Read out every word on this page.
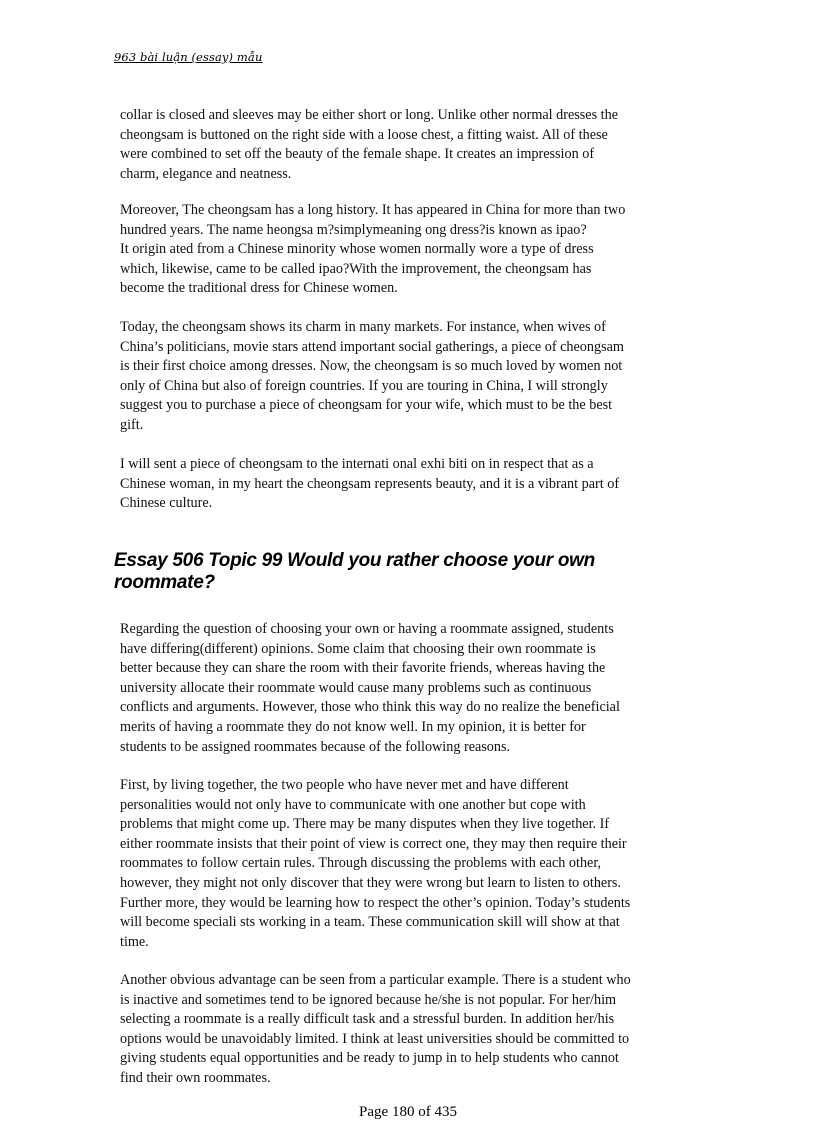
963 bài luận (essay) mẫu

collar is closed and sleeves may be either short or long. Unlike other normal dresses the
cheongsam is buttoned on the right side with a loose chest, a fitting waist. All of these
were combined to set off the beauty of the female shape. It creates an impression of
charm, elegance and neatness.

Moreover, The cheongsam has a long history. It has appeared in China for more than two
hundred years. The name heongsa m?simplymeaning ong dress?is known as ipao?
It origin ated from a Chinese minority whose women normally wore a type of dress
which, likewise, came to be called ipao?With the improvement, the cheongsam has
become the traditional dress for Chinese women.

Today, the cheongsam shows its charm in many markets. For instance, when wives of
China’s politicians, movie stars attend important social gatherings, a piece of cheongsam
is their first choice among dresses. Now, the cheongsam is so much loved by women not
only of China but also of foreign countries. If you are touring in China, I will strongly
suggest you to purchase a piece of cheongsam for your wife, which must to be the best
gift.

I will sent a piece of cheongsam to the internati onal exhi biti on in respect that as a
Chinese woman, in my heart the cheongsam represents beauty, and it is a vibrant part of
Chinese culture.

Essay 506 Topic 99 Would you rather choose your own
roommate?

Regarding the question of choosing your own or having a roommate assigned, students
have differing(different) opinions. Some claim that choosing their own roommate is
better because they can share the room with their favorite friends, whereas having the
university allocate their roommate would cause many problems such as continuous
conflicts and arguments. However, those who think this way do no realize the beneficial
merits of having a roommate they do not know well. In my opinion, it is better for
students to be assigned roommates because of the following reasons.

First, by living together, the two people who have never met and have different
personalities would not only have to communicate with one another but cope with
problems that might come up. There may be many disputes when they live together. If
either roommate insists that their point of view is correct one, they may then require their
roommates to follow certain rules. Through discussing the problems with each other,
however, they might not only discover that they were wrong but learn to listen to others.
Further more, they would be learning how to respect the other’s opinion. Today’s students
will become speciali sts working in a team. These communication skill will show at that
time.

Another obvious advantage can be seen from a particular example. There is a student who
is inactive and sometimes tend to be ignored because he/she is not popular. For her/him
selecting a roommate is a really difficult task and a stressful burden. In addition her/his
options would be unavoidably limited. I think at least universities should be committed to
giving students equal opportunities and be ready to jump in to help students who cannot
find their own roommates.

Page 180 of 435
